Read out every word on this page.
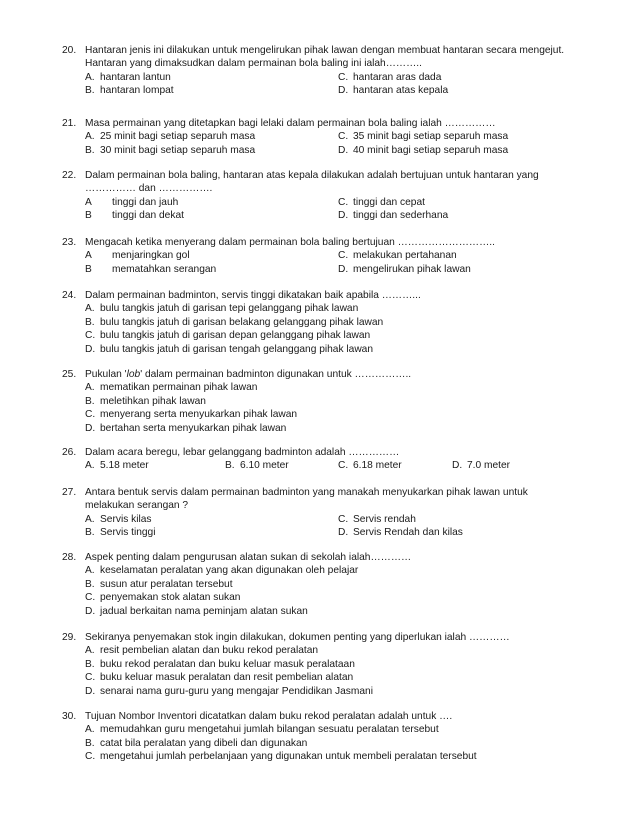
20. Hantaran jenis ini dilakukan untuk mengelirukan pihak lawan dengan membuat hantaran secara mengejut. Hantaran yang dimaksudkan dalam permainan bola baling ini ialah………..
A. hantaran lantun	C. hantaran aras dada
B. hantaran lompat	D. hantaran atas kepala
21. Masa permainan yang ditetapkan bagi lelaki dalam permainan bola baling ialah ……………
A. 25 minit bagi setiap separuh masa	C. 35 minit bagi setiap separuh masa
B. 30 minit bagi setiap separuh masa	D. 40 minit bagi setiap separuh masa
22. Dalam permainan bola baling, hantaran atas kepala dilakukan adalah bertujuan untuk hantaran yang
…………… dan …………….
A	tinggi dan jauh	C. tinggi dan cepat
B	tinggi dan dekat	D. tinggi dan sederhana
23. Mengacah ketika menyerang dalam permainan bola baling bertujuan ………………………..
A	menjaringkan gol	C. melakukan pertahanan
B	mematahkan serangan	D. mengelirukan pihak lawan
24. Dalam permainan badminton, servis tinggi dikatakan baik apabila ………...
A. bulu tangkis jatuh di garisan tepi gelanggang pihak lawan
B. bulu tangkis jatuh di garisan belakang gelanggang pihak lawan
C. bulu tangkis jatuh di garisan depan gelanggang pihak lawan
D. bulu tangkis jatuh di garisan tengah gelanggang pihak lawan
25. Pukulan 'lob' dalam permainan badminton digunakan untuk ……………..
A. mematikan permainan pihak lawan
B. meletihkan pihak lawan
C. menyerang serta menyukarkan pihak lawan
D. bertahan serta menyukarkan pihak lawan
26. Dalam acara beregu, lebar gelanggang badminton adalah ……………
A. 5.18 meter	B. 6.10 meter	C. 6.18 meter	D. 7.0 meter
27. Antara bentuk servis dalam permainan badminton yang manakah menyukarkan pihak lawan untuk
melakukan serangan ?
A. Servis kilas	C. Servis rendah
B. Servis tinggi	D. Servis Rendah dan kilas
28. Aspek penting dalam pengurusan alatan sukan di sekolah ialah…………
A. keselamatan peralatan yang akan digunakan oleh pelajar
B. susun atur peralatan tersebut
C. penyemakan stok alatan sukan
D. jadual berkaitan nama peminjam alatan sukan
29. Sekiranya penyemakan stok ingin dilakukan, dokumen penting yang diperlukan ialah …………
A. resit pembelian alatan dan buku rekod peralatan
B. buku rekod peralatan dan buku keluar masuk peralataan
C. buku keluar masuk peralatan dan resit pembelian alatan
D. senarai nama guru-guru yang mengajar Pendidikan Jasmani
30. Tujuan Nombor Inventori dicatatkan dalam buku rekod peralatan adalah untuk ….
A. memudahkan guru mengetahui jumlah bilangan sesuatu peralatan tersebut
B. catat bila peralatan yang dibeli dan digunakan
C. mengetahui jumlah perbelanjaan yang digunakan untuk membeli peralatan tersebut
